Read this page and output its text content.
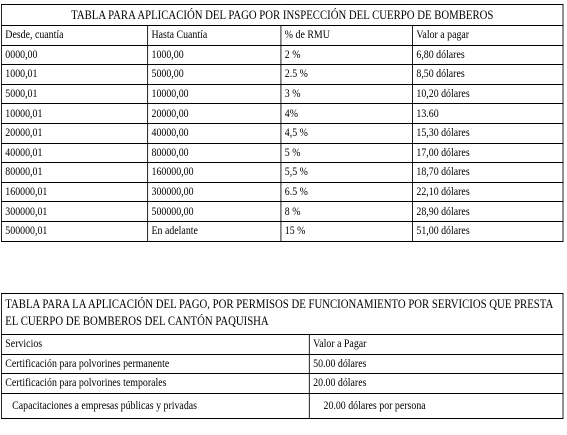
TABLA PARA APLICACIÓN DEL PAGO POR INSPECCIÓN DEL CUERPO DE BOMBEROS			
Desde, cuantía	Hasta Cuantía	% de RMU	Valor a pagar
0000,00	1000,00	2 %	6,80 dólares
1000,01	5000,00	2.5 %	8,50 dólares
5000,01	10000,00	3 %	10,20 dólares
10000,01	20000,00	4%	13.60
20000,01	40000,00	4,5 %	15,30 dólares
40000,01	80000,00	5 %	17,00 dólares
80000,01	160000,00	5,5 %	18,70 dólares
160000,01	300000,00	6.5 %	22,10 dólares
300000,01	500000,00	8 %	28,90 dólares
500000,01	En adelante	15 %	51,00 dólares
TABLA PARA LA APLICACIÓN DEL PAGO, POR PERMISOS DE FUNCIONAMIENTO POR SERVICIOS QUE PRESTA EL CUERPO DE BOMBEROS DEL CANTÓN PAQUISHA	
Servicios	Valor a Pagar
Certificación para polvorines permanente	50.00 dólares
Certificación para polvorines temporales	20.00 dólares
Capacitaciones a empresas públicas y privadas	20.00 dólares por persona
